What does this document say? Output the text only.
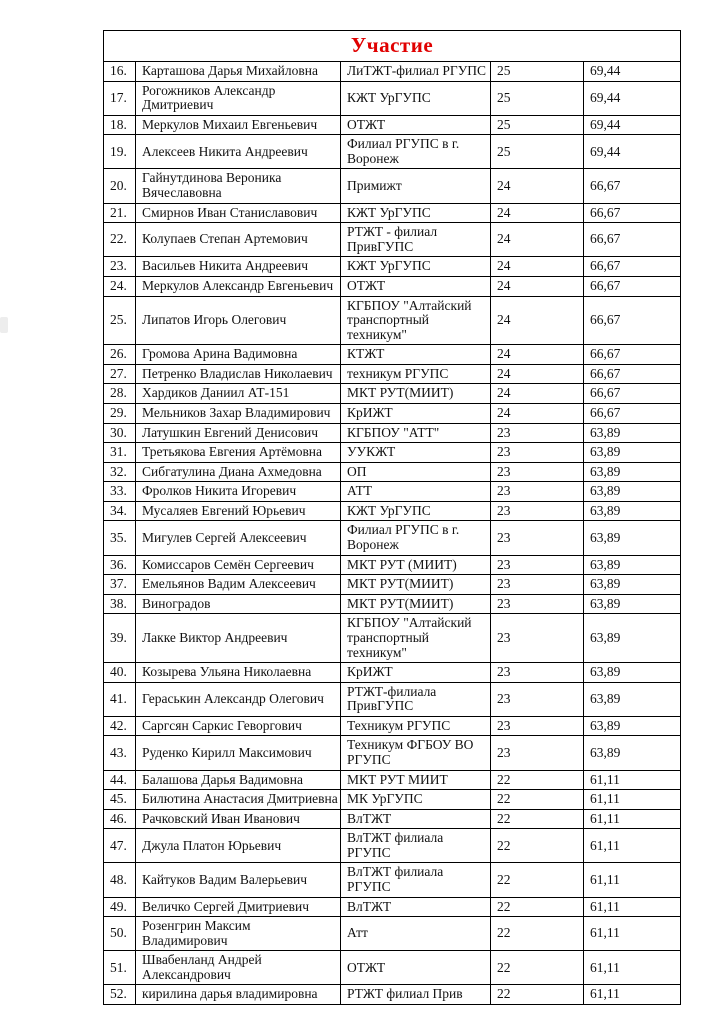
Участие				
16.	Карташова Дарья Михайловна	ЛиТЖТ-филиал РГУПС	25	69,44
17.	Рогожников Александр Дмитриевич	КЖТ УрГУПС	25	69,44
18.	Меркулов Михаил Евгеньевич	ОТЖТ	25	69,44
19.	Алексеев Никита Андреевич	Филиал РГУПС в г. Воронеж	25	69,44
20.	Гайнутдинова Вероника Вячеславовна	Примижт	24	66,67
21.	Смирнов Иван Станиславович	КЖТ УрГУПС	24	66,67
22.	Колупаев Степан Артемович	РТЖТ - филиал ПривГУПС	24	66,67
23.	Васильев Никита Андреевич	КЖТ УрГУПС	24	66,67
24.	Меркулов Александр Евгеньевич	ОТЖТ	24	66,67
25.	Липатов Игорь Олегович	КГБПОУ "Алтайский транспортный техникум"	24	66,67
26.	Громова Арина Вадимовна	КТЖТ	24	66,67
27.	Петренко Владислав Николаевич	техникум РГУПС	24	66,67
28.	Хардиков Даниил АТ-151	МКТ РУТ(МИИТ)	24	66,67
29.	Мельников Захар Владимирович	КрИЖТ	24	66,67
30.	Латушкин Евгений Денисович	КГБПОУ "АТТ"	23	63,89
31.	Третьякова Евгения Артёмовна	УУКЖТ	23	63,89
32.	Сибгатулина Диана Ахмедовна	ОП	23	63,89
33.	Фролков Никита Игоревич	АТТ	23	63,89
34.	Мусаляев Евгений Юрьевич	КЖТ УрГУПС	23	63,89
35.	Мигулев Сергей Алексеевич	Филиал РГУПС в г. Воронеж	23	63,89
36.	Комиссаров Семён Сергеевич	МКТ РУТ (МИИТ)	23	63,89
37.	Емельянов Вадим Алексеевич	МКТ РУТ(МИИТ)	23	63,89
38.	Виноградов	МКТ РУТ(МИИТ)	23	63,89
39.	Лакке Виктор Андреевич	КГБПОУ "Алтайский транспортный техникум"	23	63,89
40.	Козырева Ульяна Николаевна	КрИЖТ	23	63,89
41.	Гераськин Александр Олегович	РТЖТ-филиала ПривГУПС	23	63,89
42.	Саргсян Саркис Геворгович	Техникум РГУПС	23	63,89
43.	Руденко Кирилл Максимович	Техникум ФГБОУ ВО РГУПС	23	63,89
44.	Балашова Дарья Вадимовна	МКТ РУТ МИИТ	22	61,11
45.	Билютина Анастасия Дмитриевна	МК УрГУПС	22	61,11
46.	Рачковский Иван Иванович	ВлТЖТ	22	61,11
47.	Джула Платон Юрьевич	ВлТЖТ филиала РГУПС	22	61,11
48.	Кайтуков Вадим Валерьевич	ВлТЖТ филиала РГУПС	22	61,11
49.	Величко Сергей Дмитриевич	ВлТЖТ	22	61,11
50.	Розенгрин Максим Владимирович	Атт	22	61,11
51.	Швабенланд Андрей Александрович	ОТЖТ	22	61,11
52.	кирилина дарья владимировна	РТЖТ филиал Прив	22	61,11
